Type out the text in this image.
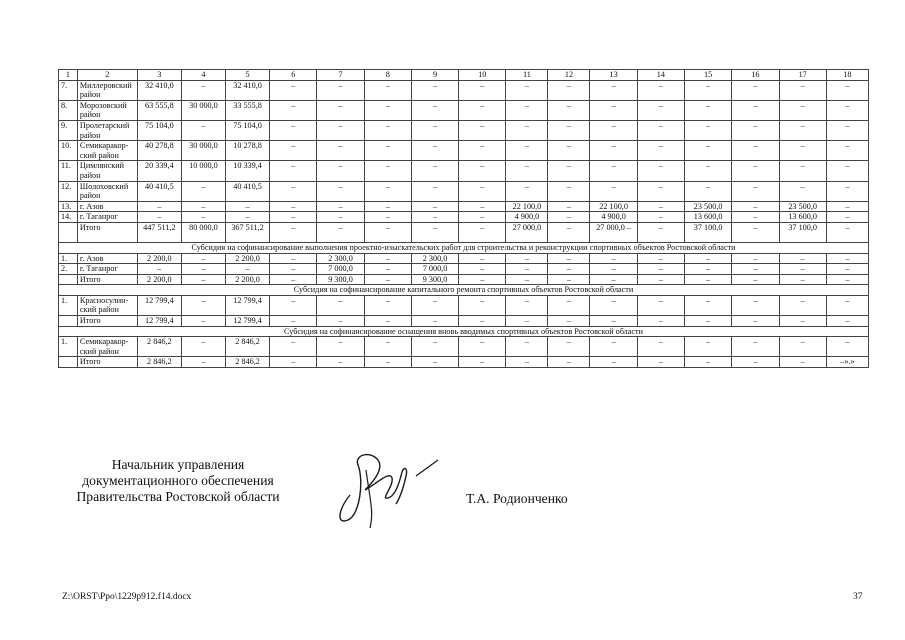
1	2	3	4	5	6	7	8	9	10	11	12	13	14	15	16	17	18
7.	Миллеровский район	32 410,0	–	32 410,0	–	–	–	–	–	–	–	–	–	–	–	–	–
8.	Морозовский район	63 555,8	30 000,0	33 555,8	–	–	–	–	–	–	–	–	–	–	–	–	–
9.	Пролетарский район	75 104,0	–	75 104,0	–	–	–	–	–	–	–	–	–	–	–	–	–
10.	Семикаракор-ский район	40 278,8	30 000,0	10 278,8	–	–	–	–	–	–	–	–	–	–	–	–	–
11.	Цимлянский район	20 339,4	10 000,0	10 339,4	–	–	–	–	–	–	–	–	–	–	–	–	–
12.	Шолоховский район	40 410,5	–	40 410,5	–	–	–	–	–	–	–	–	–	–	–	–	–
13.	г. Азов	–	–	–	–	–	–	–	–	22 100,0	–	22 100,0	–	23 500,0	–	23 500,0	–
14.	г. Таганрог	–	–	–	–	–	–	–	–	4 900,0	–	4 900,0	–	13 600,0	–	13 600,0	–
	Итого	447 511,2	80 000,0	367 511,2	–	–	–	–	–	27 000,0	–	27 000,0 –	–	37 100,0	–	37 100,0	–
Субсидия на софинансирование выполнения проектно-изыскательских работ для строительства и реконструкции спортивных объектов Ростовской области																	
1.	г. Азов	2 200,0	–	2 200,0	–	2 300,0	–	2 300,0	–	–	–	–	–	–	–	–	–
2.	г. Таганрог	–	–	–	–	7 000,0	–	7 000,0	–	–	–	–	–	–	–	–	–
	Итого	2 200,0	–	2 200,0	–	9 300,0	–	9 300,0	–	–	–	–	–	–	–	–	–
Субсидия на софинансирование капитального ремонта спортивных объектов Ростовской области																	
1.	Красносулин-ский район	12 799,4	–	12 799,4	–	–	–	–	–	–	–	–	–	–	–	–	–
	Итого	12 799,4	–	12 799,4	–	–	–	–	–	–	–	–	–	–	–	–	–
Субсидия на софинансирование оснащения вновь вводимых спортивных объектов Ростовской области																	
1.	Семикаракор-ский район	2 846,2	–	2 846,2	–	–	–	–	–	–	–	–	–	–	–	–	–
	Итого	2 846,2	–	2 846,2	–	–	–	–	–	–	–	–	–	–	–	–	–».»
Начальник управления
документационного обеспечения
Правительства Ростовской области	Т.А. Родионченко
Z:\ORST\Ppo\1229p912.f14.docx	37
